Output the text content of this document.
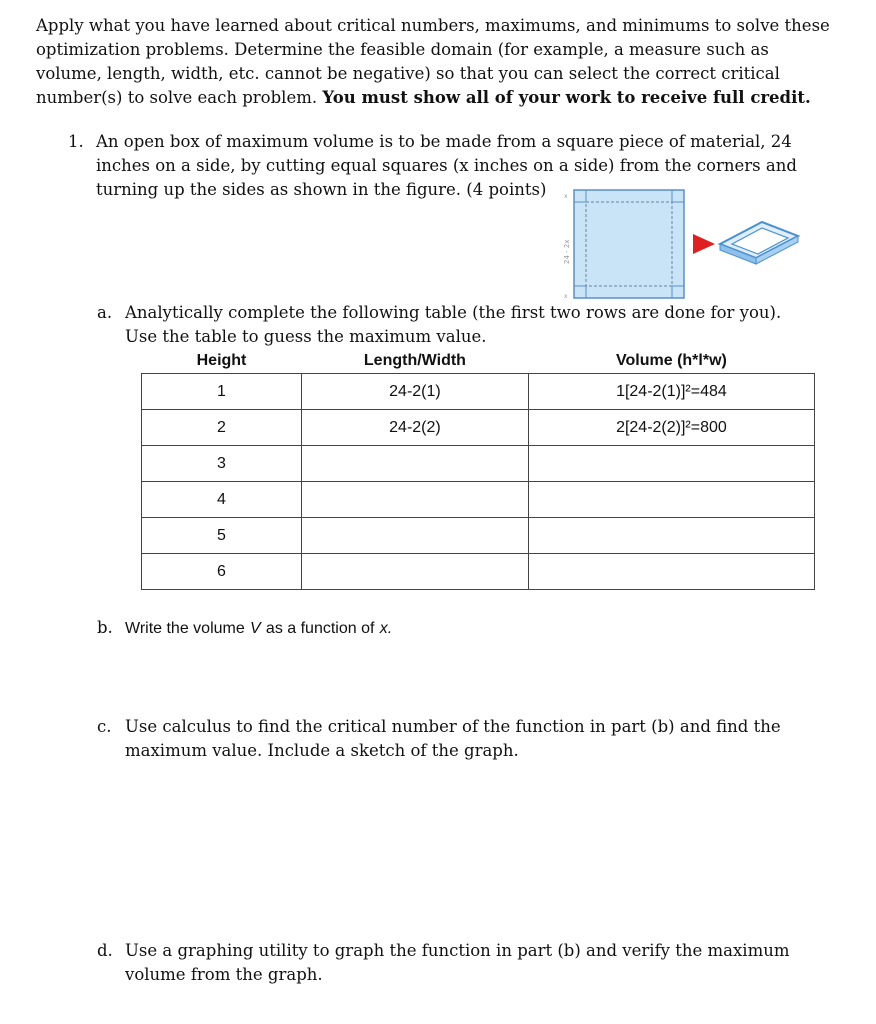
Apply what you have learned about critical numbers, maximums, and minimums to solve these optimization problems. Determine the feasible domain (for example, a measure such as volume, length, width, etc. cannot be negative) so that you can select the correct critical number(s) to solve each problem. You must show all of your work to receive full credit.
1. An open box of maximum volume is to be made from a square piece of material, 24 inches on a side, by cutting equal squares (x inches on a side) from the corners and turning up the sides as shown in the figure. (4 points)	x
x
24 - 2x
a. Analytically complete the following table (the first two rows are done for you).
Use the table to guess the maximum value.
Height	Length/Width	Volume (h*l*w)
1	24-2(1)	1[24-2(1)]²=484
2	24-2(2)	2[24-2(2)]²=800
3		
4		
5		
6		
b. Write the volume V as a function of x.
c. Use calculus to find the critical number of the function in part (b) and find the maximum value. Include a sketch of the graph.
d. Use a graphing utility to graph the function in part (b) and verify the maximum volume from the graph.
